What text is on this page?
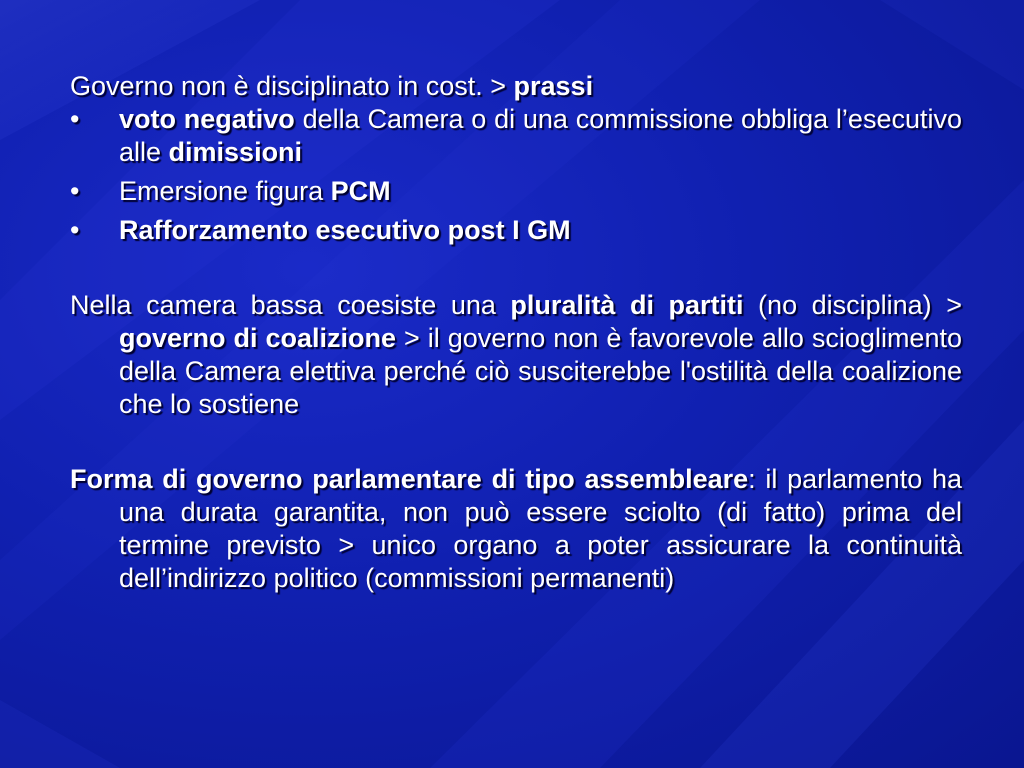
Governo non è disciplinato in cost. > prassi

•	voto negativo della Camera o di una commissione obbliga l’esecutivo alle dimissioni
•	Emersione figura PCM
•	Rafforzamento esecutivo post I GM

Nella camera bassa coesiste una pluralità di partiti (no disciplina) > governo di coalizione > il governo non è favorevole allo scioglimento della Camera elettiva perché ciò susciterebbe l'ostilità della coalizione che lo sostiene

Forma di governo parlamentare di tipo assembleare: il parlamento ha una durata garantita, non può essere sciolto (di fatto) prima del termine previsto > unico organo a poter assicurare la continuità dell’indirizzo politico (commissioni permanenti)
